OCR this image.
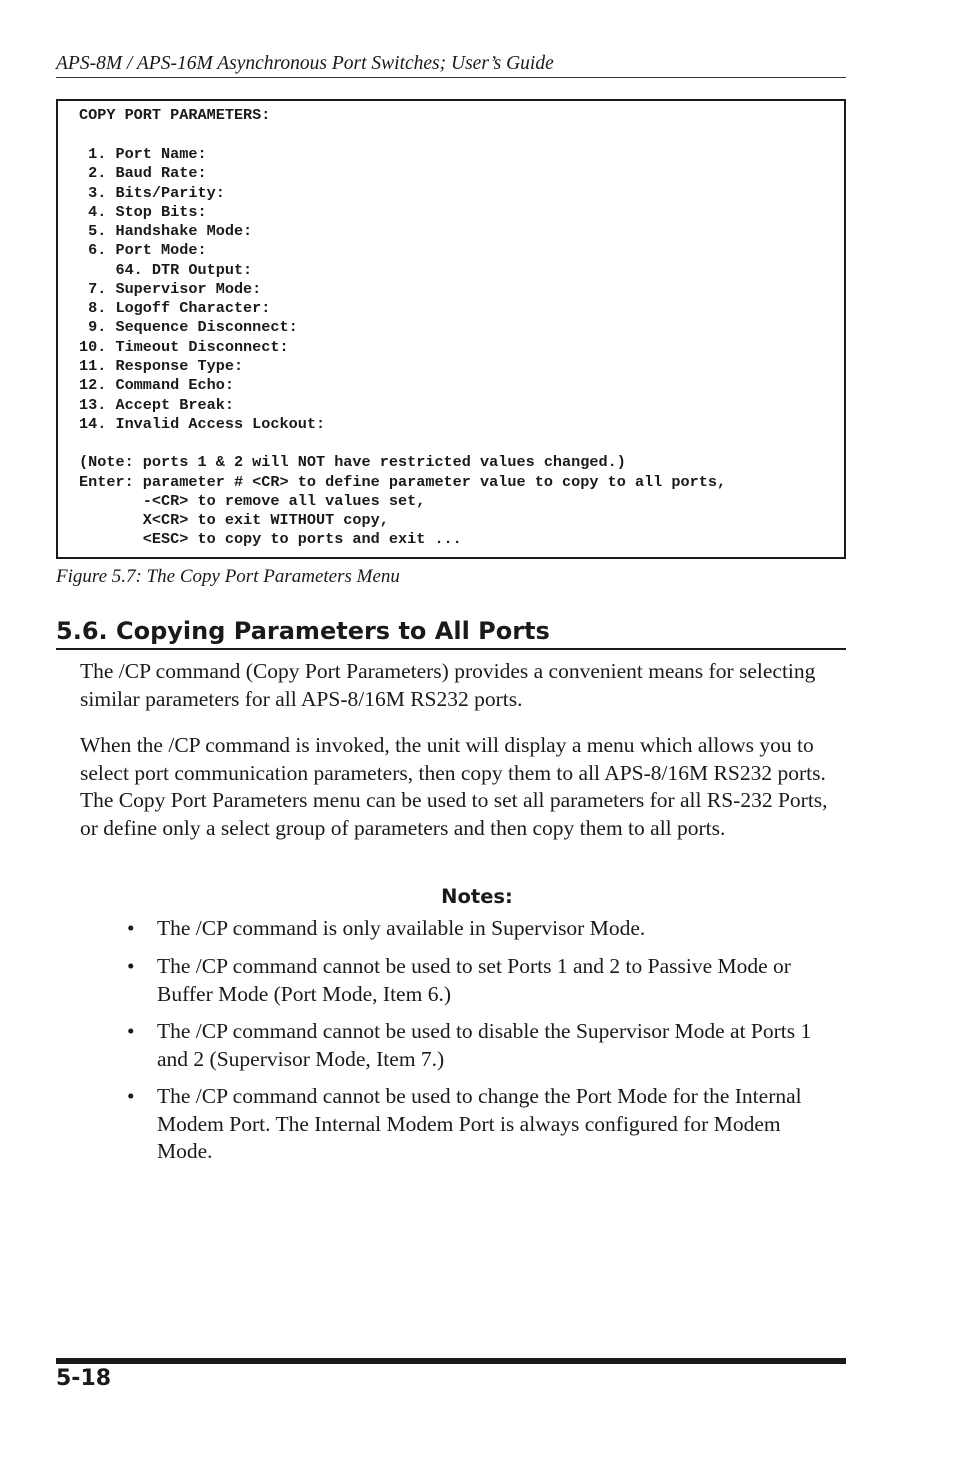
APS-8M / APS-16M Asynchronous Port Switches; User’s Guide
COPY PORT PARAMETERS:
1. Port Name:
2. Baud Rate:
3. Bits/Parity:
4. Stop Bits:
5. Handshake Mode:
6. Port Mode:
64. DTR Output:
7. Supervisor Mode:
8. Logoff Character:
9. Sequence Disconnect:
10. Timeout Disconnect:
11. Response Type:
12. Command Echo:
13. Accept Break:
14. Invalid Access Lockout:
(Note: ports 1 & 2 will NOT have restricted values changed.)
Enter: parameter # <CR> to define parameter value to copy to all ports,
-<CR> to remove all values set,
X<CR> to exit WITHOUT copy,
<ESC> to copy to ports and exit ...
Figure 5.7: The Copy Port Parameters Menu
5.6. Copying Parameters to All Ports
The /CP command (Copy Port Parameters) provides a convenient means for selecting similar parameters for all APS-8/16M RS232 ports.
When the /CP command is invoked, the unit will display a menu which allows you to select port communication parameters, then copy them to all APS-8/16M RS232 ports. The Copy Port Parameters menu can be used to set all parameters for all RS-232 Ports, or define only a select group of parameters and then copy them to all ports.
Notes:
• The /CP command is only available in Supervisor Mode.
• The /CP command cannot be used to set Ports 1 and 2 to Passive Mode or Buffer Mode (Port Mode, Item 6.)
• The /CP command cannot be used to disable the Supervisor Mode at Ports 1 and 2 (Supervisor Mode, Item 7.)
• The /CP command cannot be used to change the Port Mode for the Internal Modem Port. The Internal Modem Port is always configured for Modem Mode.
5-18
